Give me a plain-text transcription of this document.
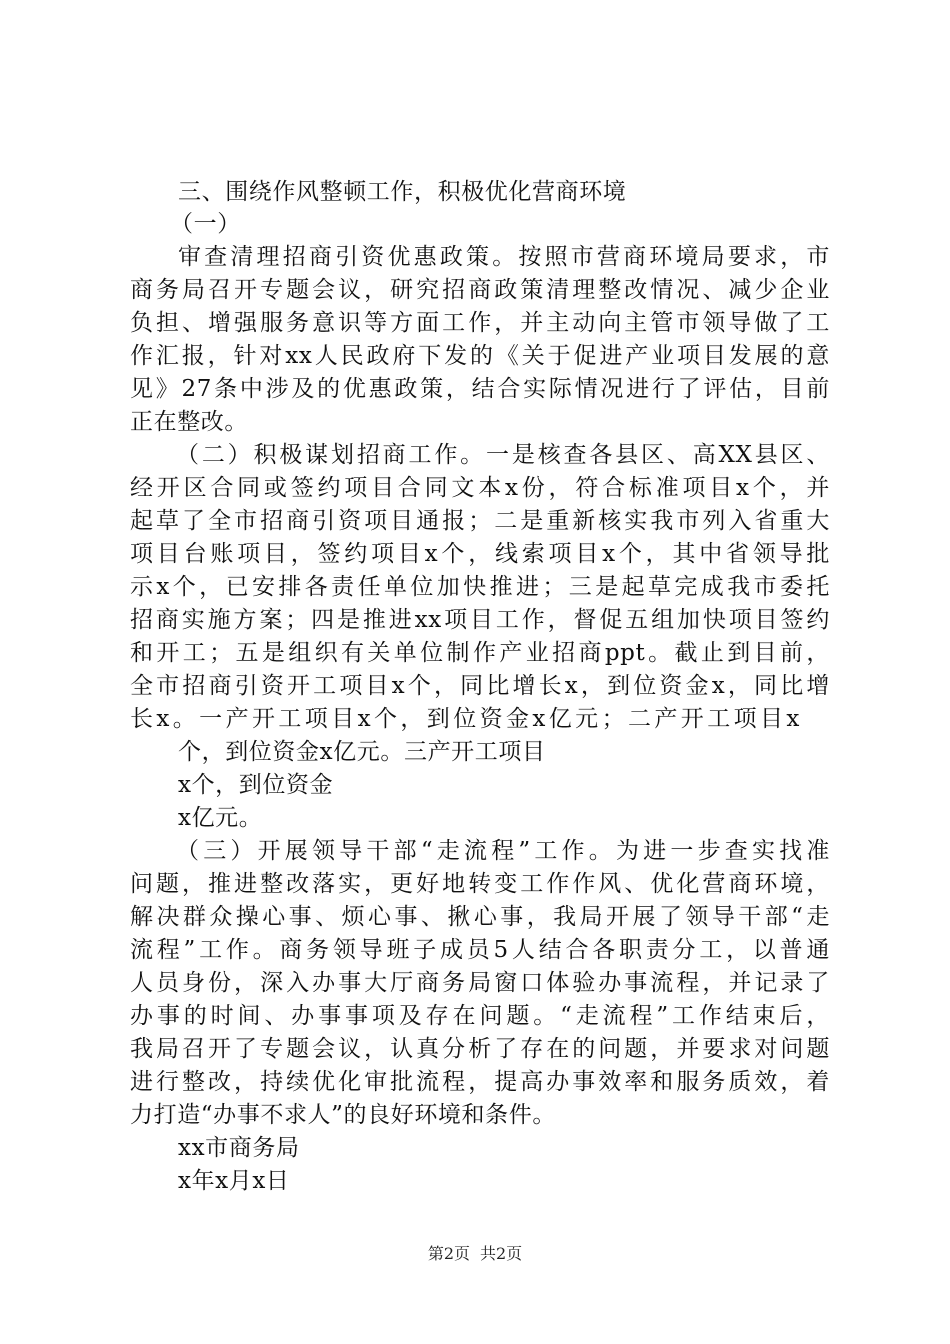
三、围绕作风整顿工作，积极优化营商环境
（一）
审查清理招商引资优惠政策。按照市营商环境局要求，市
商务局召开专题会议，研究招商政策清理整改情况、减少企业
负担、增强服务意识等方面工作，并主动向主管市领导做了工
作汇报，针对xx人民政府下发的《关于促进产业项目发展的意
见》27条中涉及的优惠政策，结合实际情况进行了评估，目前
正在整改。
（二）积极谋划招商工作。一是核查各县区、高XX县区、
经开区合同或签约项目合同文本x份，符合标准项目x个，并
起草了全市招商引资项目通报；二是重新核实我市列入省重大
项目台账项目，签约项目x个，线索项目x个，其中省领导批
示x个，已安排各责任单位加快推进；三是起草完成我市委托
招商实施方案；四是推进xx项目工作，督促五组加快项目签约
和开工；五是组织有关单位制作产业招商ppt。截止到目前，
全市招商引资开工项目x个，同比增长x，到位资金x，同比增
长x。一产开工项目x个，到位资金x亿元；二产开工项目x
个，到位资金x亿元。三产开工项目
x个，到位资金
x亿元。
（三）开展领导干部“走流程”工作。为进一步查实找准
问题，推进整改落实，更好地转变工作作风、优化营商环境，
解决群众操心事、烦心事、揪心事，我局开展了领导干部“走
流程”工作。商务领导班子成员5人结合各职责分工，以普通
人员身份，深入办事大厅商务局窗口体验办事流程，并记录了
办事的时间、办事事项及存在问题。“走流程”工作结束后，
我局召开了专题会议，认真分析了存在的问题，并要求对问题
进行整改，持续优化审批流程，提高办事效率和服务质效，着
力打造“办事不求人”的良好环境和条件。
xx市商务局
x年x月x日
第2页 共2页
